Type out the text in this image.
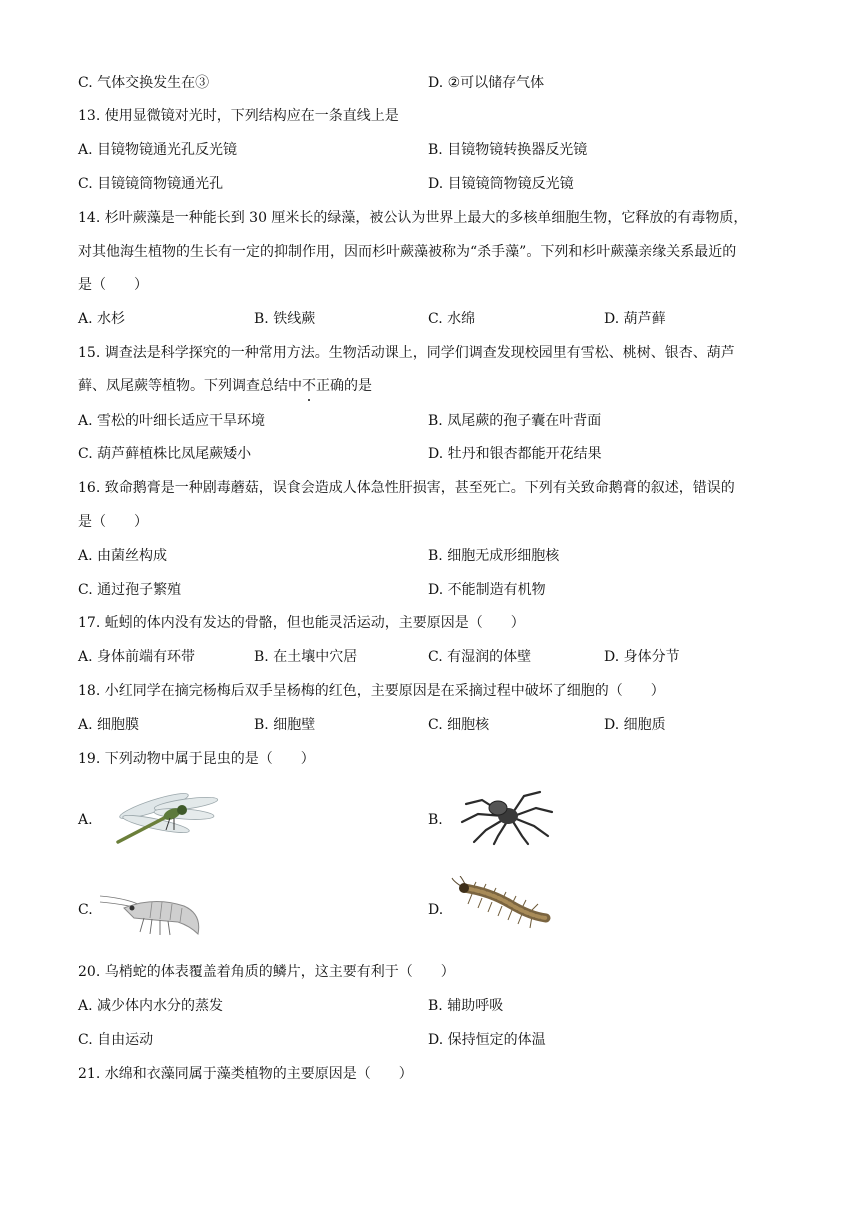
C. 气体交换发生在③	D. ②可以储存气体
13. 使用显微镜对光时，下列结构应在一条直线上是
A. 目镜物镜通光孔反光镜	B. 目镜物镜转换器反光镜
C. 目镜镜筒物镜通光孔	D. 目镜镜筒物镜反光镜
14. 杉叶蕨藻是一种能长到 30 厘米长的绿藻，被公认为世界上最大的多核单细胞生物，它释放的有毒物质，
对其他海生植物的生长有一定的抑制作用，因而杉叶蕨藻被称为“杀手藻”。下列和杉叶蕨藻亲缘关系最近的
是（　　）
A. 水杉	B. 铁线蕨	C. 水绵	D. 葫芦藓
15. 调查法是科学探究的一种常用方法。生物活动课上，同学们调查发现校园里有雪松、桃树、银杏、葫芦
藓、凤尾蕨等植物。下列调查总结中不正确的是
A. 雪松的叶细长适应干旱环境	B. 凤尾蕨的孢子囊在叶背面
C. 葫芦藓植株比凤尾蕨矮小	D. 牡丹和银杏都能开花结果
16. 致命鹅膏是一种剧毒蘑菇，误食会造成人体急性肝损害，甚至死亡。下列有关致命鹅膏的叙述，错误的
是（　　）
A. 由菌丝构成	B. 细胞无成形细胞核
C. 通过孢子繁殖	D. 不能制造有机物
17. 蚯蚓的体内没有发达的骨骼，但也能灵活运动，主要原因是（　　）
A. 身体前端有环带	B. 在土壤中穴居	C. 有湿润的体壁	D. 身体分节
18. 小红同学在摘完杨梅后双手呈杨梅的红色，主要原因是在采摘过程中破坏了细胞的（　　）
A. 细胞膜	B. 细胞壁	C. 细胞核	D. 细胞质
19. 下列动物中属于昆虫的是（　　）
A.	B.
C.	D.
20. 乌梢蛇的体表覆盖着角质的鳞片，这主要有利于（　　）
A. 减少体内水分的蒸发	B. 辅助呼吸
C. 自由运动	D. 保持恒定的体温
21. 水绵和衣藻同属于藻类植物的主要原因是（　　）
